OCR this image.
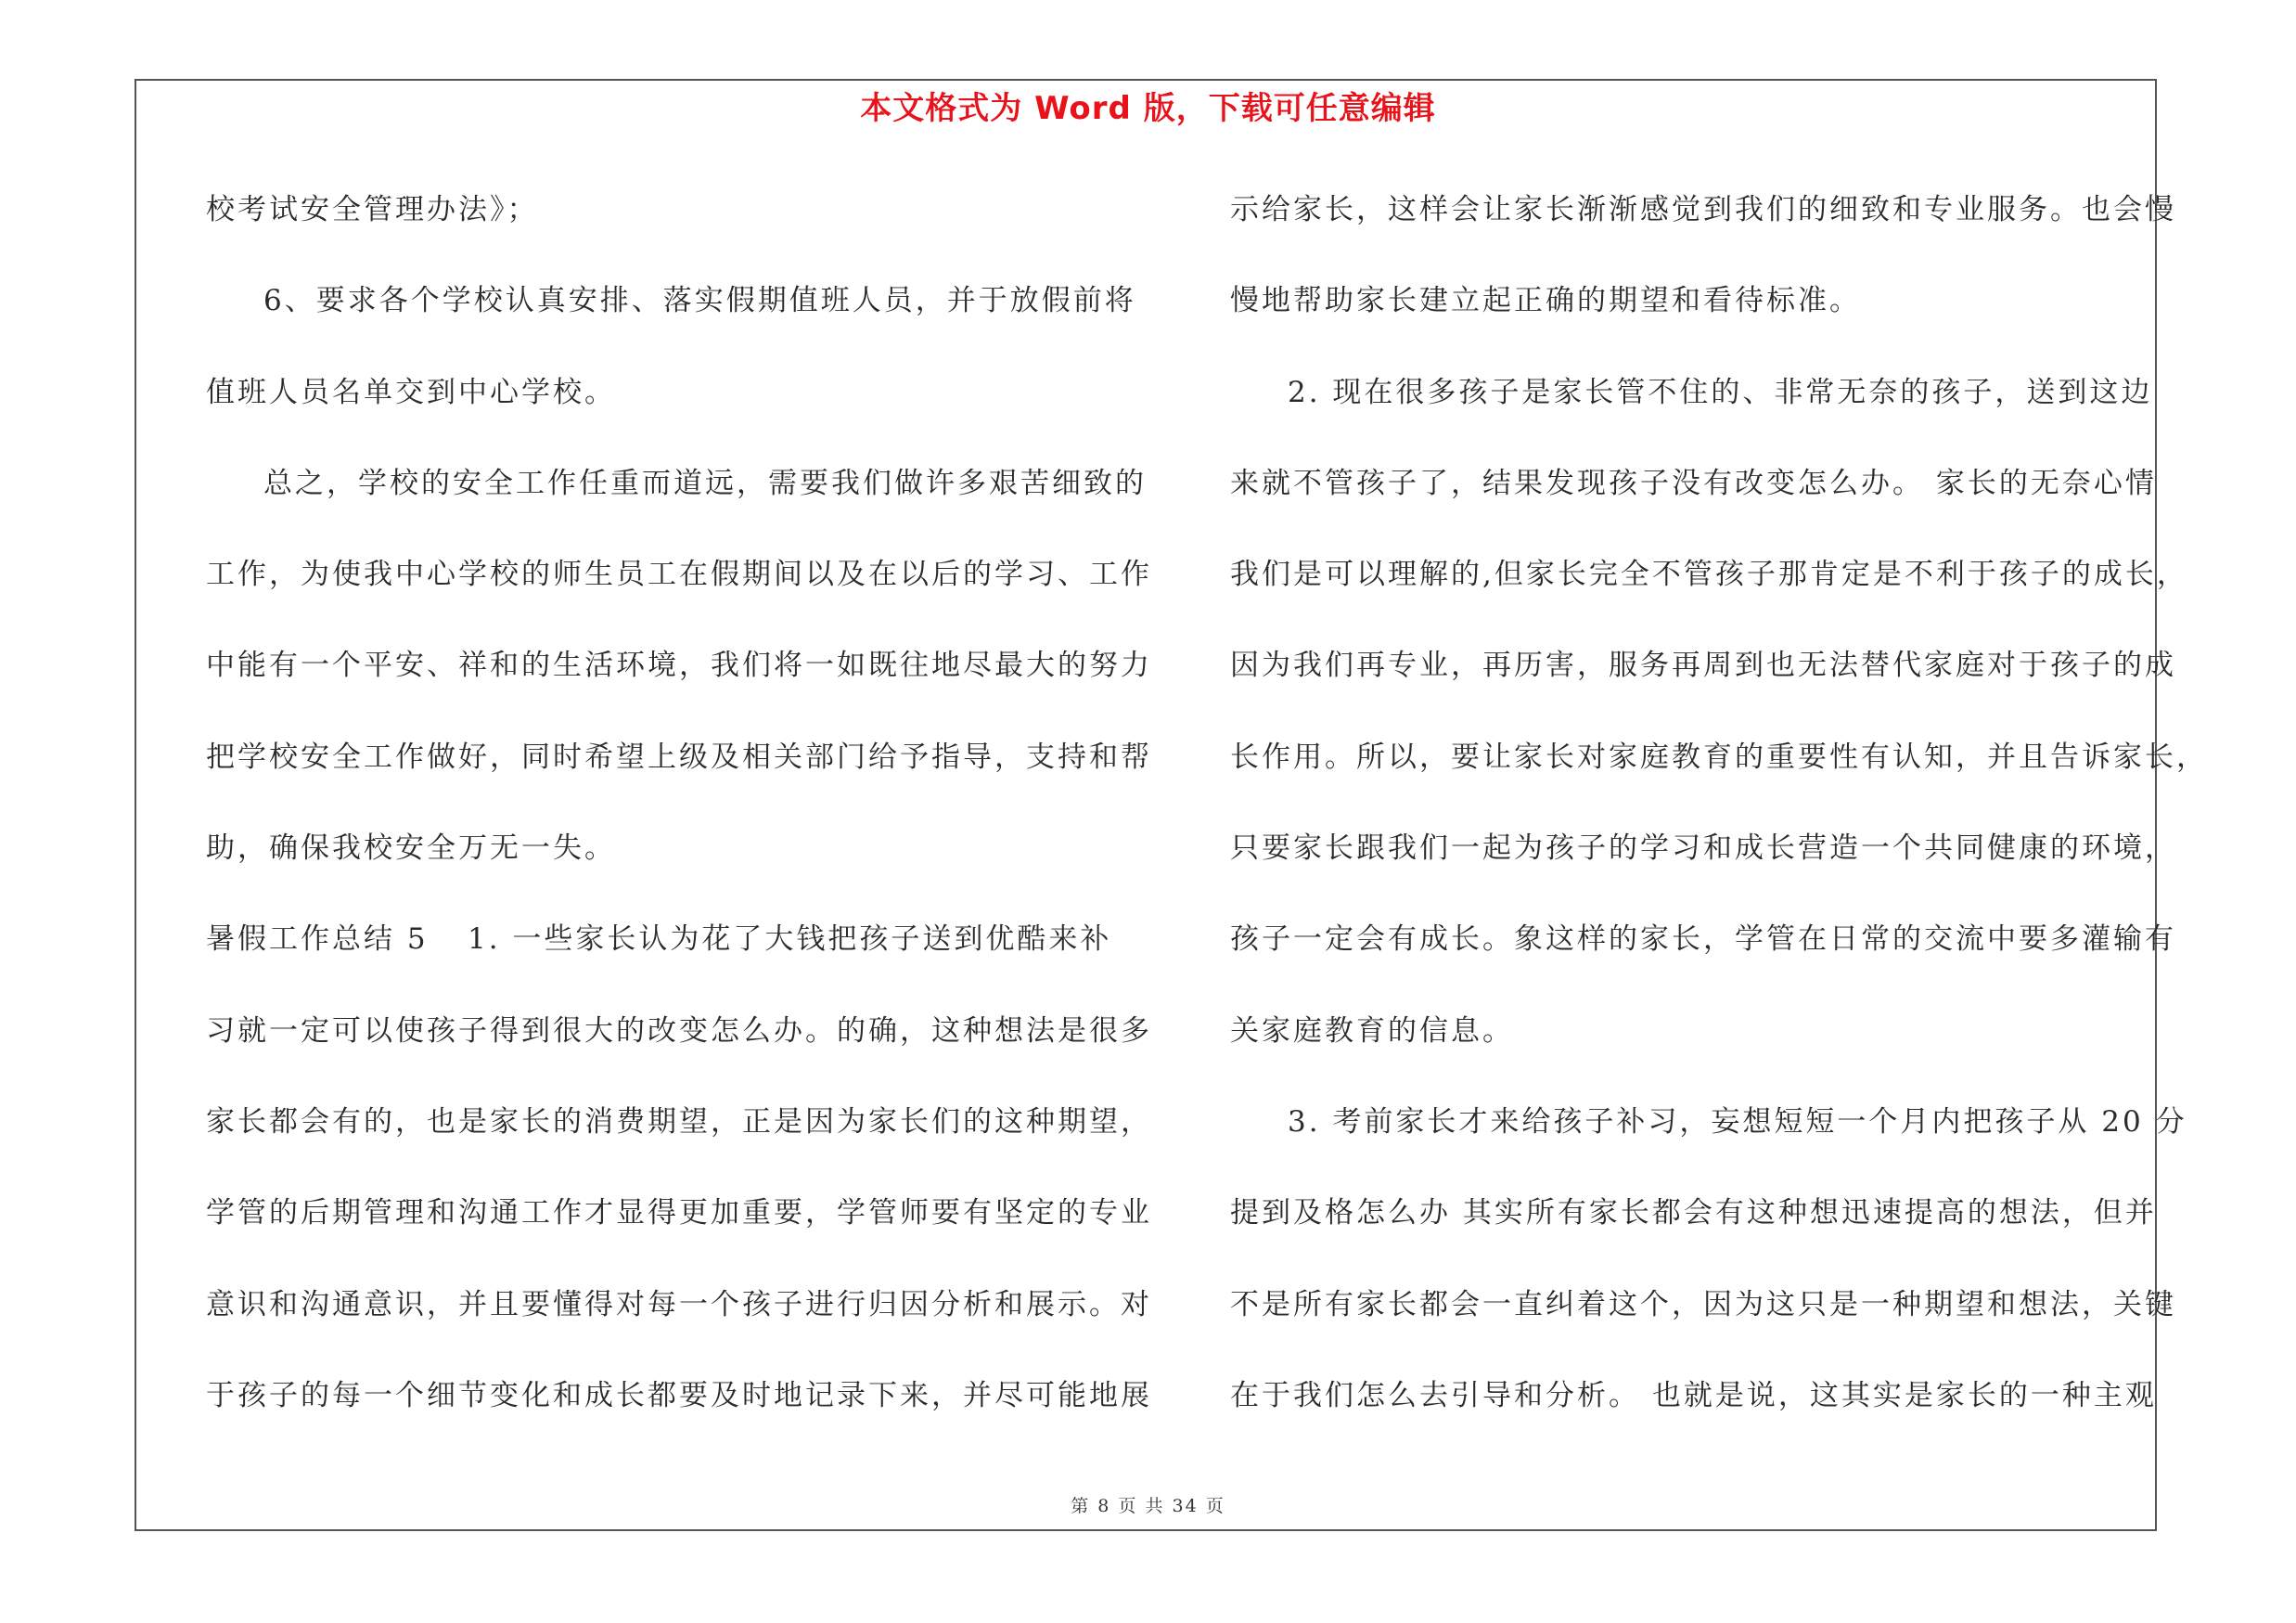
本文格式为 Word 版，下载可任意编辑
校考试安全管理办法》；
6、要求各个学校认真安排、落实假期值班人员，并于放假前将
值班人员名单交到中心学校。
总之，学校的安全工作任重而道远，需要我们做许多艰苦细致的
工作，为使我中心学校的师生员工在假期间以及在以后的学习、工作
中能有一个平安、祥和的生活环境，我们将一如既往地尽最大的努力
把学校安全工作做好，同时希望上级及相关部门给予指导，支持和帮
助，确保我校安全万无一失。
暑假工作总结 5 1. 一些家长认为花了大钱把孩子送到优酷来补
习就一定可以使孩子得到很大的改变怎么办。的确，这种想法是很多
家长都会有的，也是家长的消费期望，正是因为家长们的这种期望，
学管的后期管理和沟通工作才显得更加重要，学管师要有坚定的专业
意识和沟通意识，并且要懂得对每一个孩子进行归因分析和展示。对
于孩子的每一个细节变化和成长都要及时地记录下来，并尽可能地展
示给家长，这样会让家长渐渐感觉到我们的细致和专业服务。也会慢
慢地帮助家长建立起正确的期望和看待标准。
2. 现在很多孩子是家长管不住的、非常无奈的孩子，送到这边
来就不管孩子了，结果发现孩子没有改变怎么办。 家长的无奈心情
我们是可以理解的,但家长完全不管孩子那肯定是不利于孩子的成长，
因为我们再专业，再历害，服务再周到也无法替代家庭对于孩子的成
长作用。所以，要让家长对家庭教育的重要性有认知，并且告诉家长，
只要家长跟我们一起为孩子的学习和成长营造一个共同健康的环境，
孩子一定会有成长。象这样的家长，学管在日常的交流中要多灌输有
关家庭教育的信息。
3. 考前家长才来给孩子补习，妄想短短一个月内把孩子从 20 分
提到及格怎么办 其实所有家长都会有这种想迅速提高的想法，但并
不是所有家长都会一直纠着这个，因为这只是一种期望和想法，关键
在于我们怎么去引导和分析。 也就是说，这其实是家长的一种主观
第 8 页 共 34 页
